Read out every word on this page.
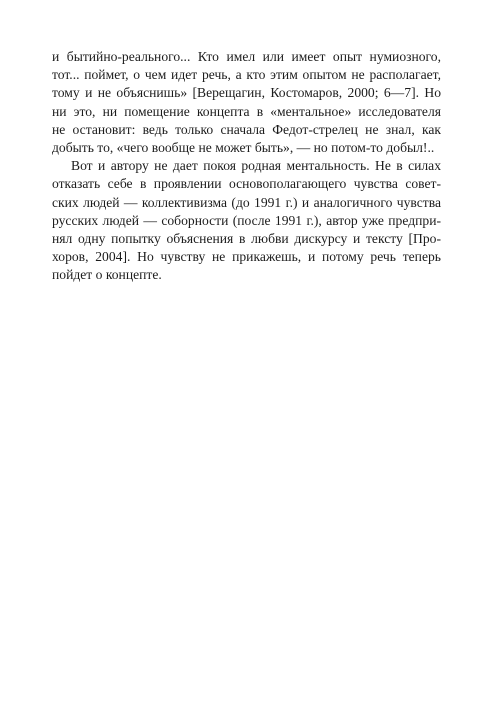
и бытийно-реального... Кто имел или имеет опыт нумиозного,
тот... поймет, о чем идет речь, а кто этим опытом не располагает,
тому и не объяснишь» [Верещагин, Костомаров, 2000; 6—7]. Но
ни это, ни помещение концепта в «ментальное» исследователя
не остановит: ведь только сначала Федот-стрелец не знал, как
добыть то, «чего вообще не может быть», — но потом-то добыл!..
Вот и автору не дает покоя родная ментальность. Не в силах
отказать себе в проявлении основополагающего чувства совет-
ских людей — коллективизма (до 1991 г.) и аналогичного чувства
русских людей — соборности (после 1991 г.), автор уже предпри-
нял одну попытку объяснения в любви дискурсу и тексту [Про-
хоров, 2004]. Но чувству не прикажешь, и потому речь теперь
пойдет о концепте.
